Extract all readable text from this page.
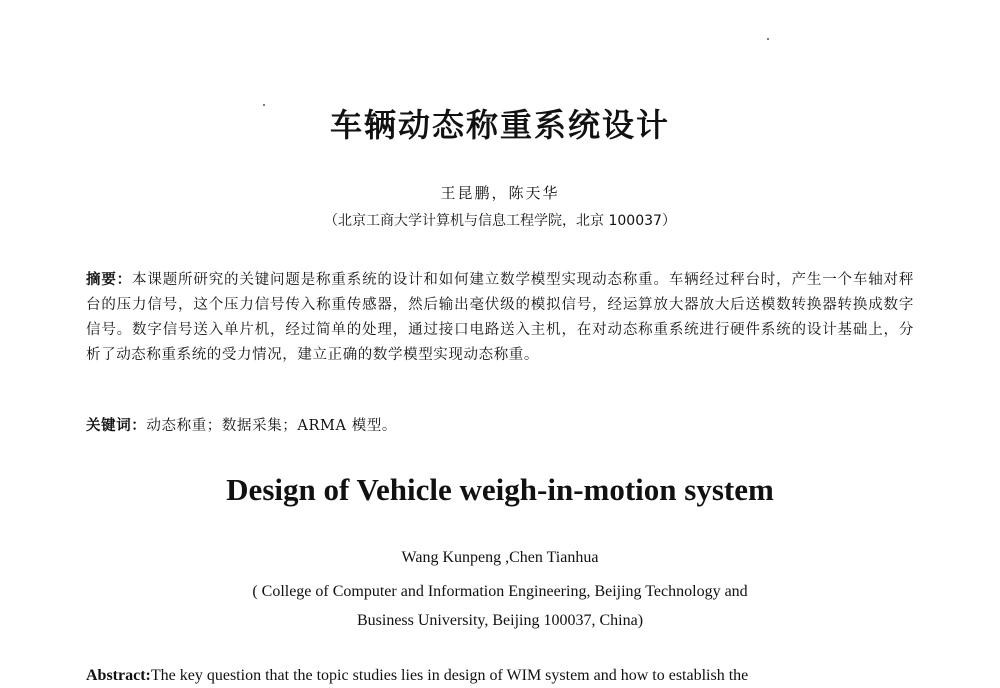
车辆动态称重系统设计
王昆鹏，陈天华
（北京工商大学计算机与信息工程学院，北京 100037）
摘要：本课题所研究的关键问题是称重系统的设计和如何建立数学模型实现动态称重。车辆经过秤台时，产生一个车轴对秤台的压力信号，这个压力信号传入称重传感器，然后输出毫伏级的模拟信号，经运算放大器放大后送模数转换器转换成数字信号。数字信号送入单片机，经过简单的处理，通过接口电路送入主机，在对动态称重系统进行硬件系统的设计基础上，分析了动态称重系统的受力情况，建立正确的数学模型实现动态称重。
关键词：动态称重；数据采集；ARMA 模型。
Design of Vehicle weigh-in-motion system
Wang Kunpeng ,Chen Tianhua
( College of Computer and Information Engineering, Beijing Technology and
Business University, Beijing 100037, China)
Abstract:The key question that the topic studies lies in design of WIM system and how to establish the
